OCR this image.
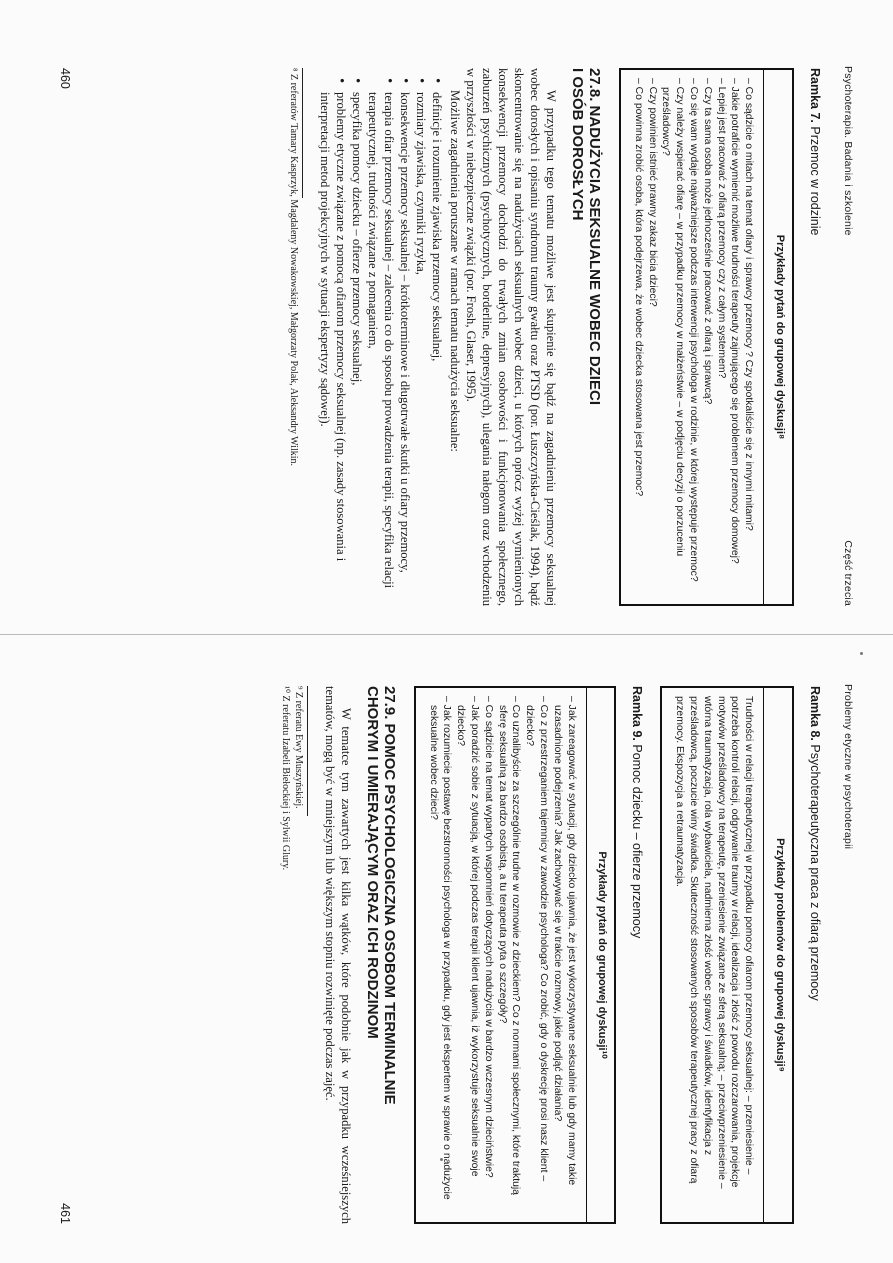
Psychoterapia. Badania i szkolenie
Część trzecia
Ramka 7. Przemoc w rodzinie
Przykłady pytań do grupowej dyskusji⁸
– Co sądzicie o mitach na temat ofiary i sprawcy przemocy ? Czy spotkaliście się z innymi mitami?
– Jakie potraficie wymienić możliwe trudności terapeuty zajmującego się problemem przemocy domowej?
– Lepiej jest pracować z ofiarą przemocy czy z całym systemem?
– Czy ta sama osoba może jednocześnie pracować z ofiarą i sprawcą?
– Co się wam wydaje najważniejsze podczas interwencji psychologa w rodzinie, w której występuje przemoc?
– Czy należy wspierać ofiarę – w przypadku przemocy w małżeństwie – w podjęciu decyzji o porzuceniu prześladowcy?
– Czy powinien istnieć prawny zakaz bicia dzieci?
– Co powinna zrobić osoba, która podejrzewa, że wobec dziecka stosowana jest przemoc?
27.8. NADUŻYCIA SEKSUALNE WOBEC DZIECI
I OSÓB DOROSŁYCH

W przypadku tego tematu możliwe jest skupienie się bądź na zagadnieniu przemocy seksualnej wobec dorosłych i opisaniu syndromu traumy gwałtu oraz PTSD (por. Łuszczyńska-Cieślak, 1994), bądź skoncentrowanie się na nadużyciach seksualnych wobec dzieci, u których oprócz wyżej wymienionych konsekwencji przemocy dochodzi do trwałych zmian osobowości i funkcjonowania społecznego, zaburzeń psychicznych (psychotycznych, borderline, depresyjnych), ulegania nałogom oraz wchodzeniu w przyszłości w niebezpieczne związki (por. Frosh, Glaser, 1995).

Możliwe zagadnienia poruszane w ramach tematu nadużycia seksualne:

• definicje i rozumienie zjawiska przemocy seksualnej,
• rozmiary zjawiska, czynniki ryzyka,
• konsekwencje przemocy seksualnej – krótkoterminowe i długotrwałe skutki u ofiary przemocy,
• terapia ofiar przemocy seksualnej – zalecenia co do sposobu prowadzenia terapii, specyfika relacji terapeutycznej, trudności związane z pomaganiem,
• specyfika pomocy dziecku – ofierze przemocy seksualnej,
• problemy etyczne związane z pomocą ofiarom przemocy seksualnej (np. zasady stosowania i interpretacji metod projekcyjnych w sytuacji ekspertyzy sądowej).
⁸ Z referatów Tamary Kasprzyk, Magdaleny Nowakowskiej, Małgorzaty Polak, Aleksandry Wilkin.
460
Problemy etyczne w psychoterapii
Ramka 8. Psychoterapeutyczna praca z ofiarą przemocy
Przykłady problemów do grupowej dyskusji⁹
Trudności w relacji terapeutycznej w przypadku pomocy ofiarom przemocy seksualnej: – przeniesienie – potrzeba kontroli relacji, odgrywanie traumy w relacji, idealizacja i złość z powodu rozczarowania, projekcje motywów prześladowcy na terapeutę, przeniesienie związane ze sferą seksualną; – przeciwprzeniesienie – wtórna traumatyzacja, rola wybawiciela, nadmierna złość wobec sprawcy i świadków, identyfikacja z prześladowcą, poczucie winy świadka. Skuteczność stosowanych sposobów terapeutycznej pracy z ofiarą przemocy. Ekspozycja a retraumatyzacja.
Ramka 9. Pomoc dziecku – ofierze przemocy
Przykłady pytań do grupowej dyskusji¹⁰
– Jak zareagować w sytuacji, gdy dziecko ujawnia, że jest wykorzystywane seksualnie lub gdy mamy takie uzasadnione podejrzenia? Jak zachowywać się w trakcie rozmowy, jakie podjąć działania?
– Co z przestrzeganiem tajemnicy w zawodzie psychologa? Co zrobić, gdy o dyskrecję prosi nasz klient – dziecko?
– Co uznalibyście za szczególnie trudne w rozmowie z dzieckiem? Co z normami społecznymi, które traktują sferę seksualną za bardzo osobistą, a tu terapeuta pyta o szczegóły?
– Co sądzicie na temat wypartych wspomnień dotyczących nadużycia w bardzo wczesnym dzieciństwie?
– Jak poradzić sobie z sytuacją, w której podczas terapii klient ujawnia, iż wykorzystuje seksualnie swoje dziecko?
– Jak rozumiecie postawę bezstronności psychologa w przypadku, gdy jest ekspertem w sprawie o nadużycie seksualne wobec dzieci?
27.9. POMOC PSYCHOLOGICZNA OSOBOM TERMINALNIE
CHORYM I UMIERAJĄCYM ORAZ ICH RODZINOM

W tematce tym zawartych jest kilka wątków, które podobnie jak w przypadku wcześniejszych tematów, mogą być w mniejszym lub większym stopniu rozwinięte podczas zajęć.

⁹ Z referatu Ewy Muszyńskiej.
¹⁰ Z referatu Izabeli Biełockiej i Sylwii Glury.
461
